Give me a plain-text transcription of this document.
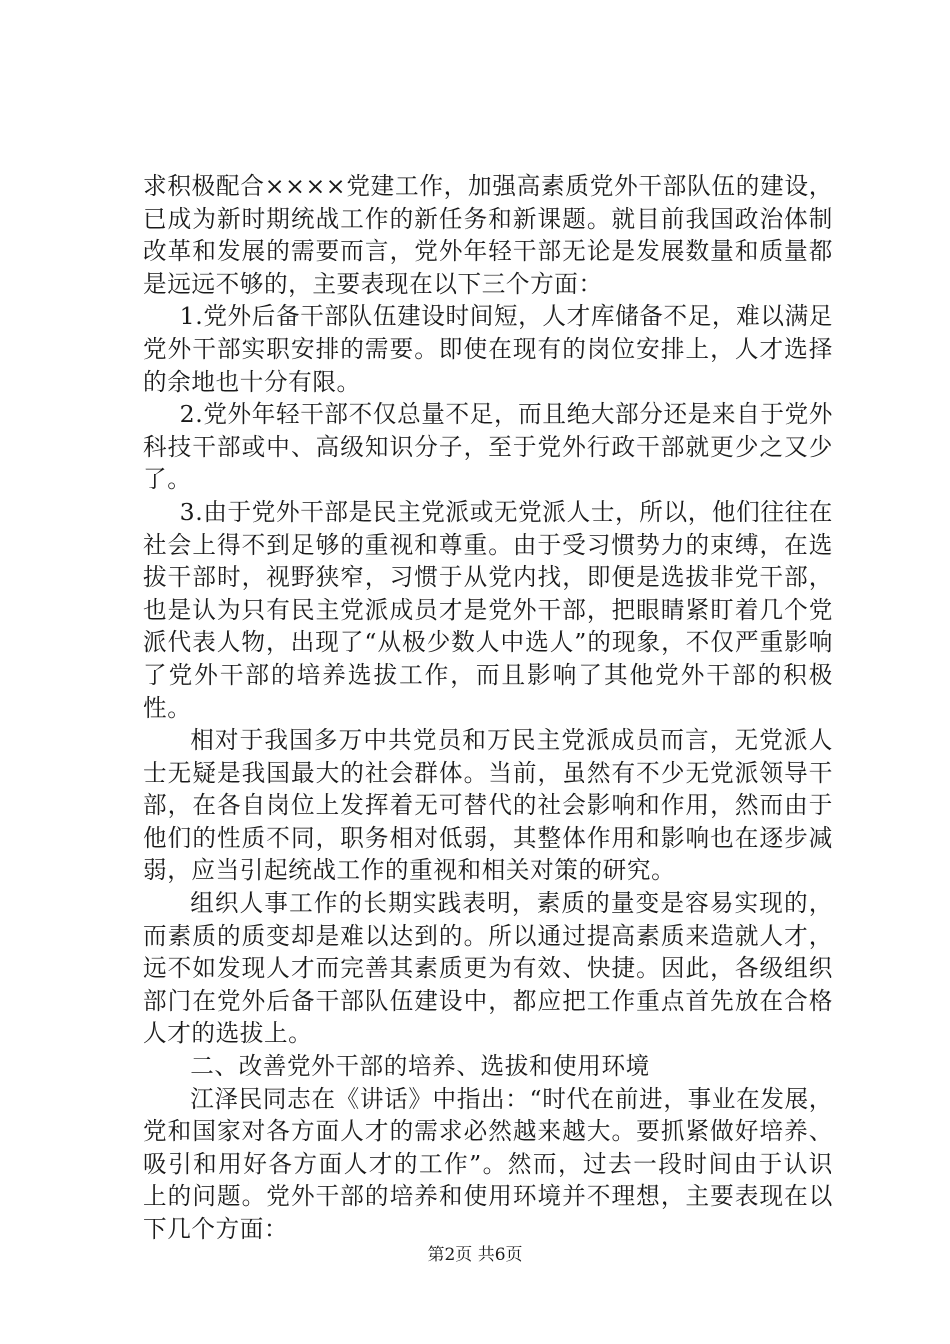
求积极配合××××党建工作，加强高素质党外干部队伍的建设，已成为新时期统战工作的新任务和新课题。就目前我国政治体制改革和发展的需要而言，党外年轻干部无论是发展数量和质量都是远远不够的，主要表现在以下三个方面：

1.党外后备干部队伍建设时间短，人才库储备不足，难以满足党外干部实职安排的需要。即使在现有的岗位安排上，人才选择的余地也十分有限。

2.党外年轻干部不仅总量不足，而且绝大部分还是来自于党外科技干部或中、高级知识分子，至于党外行政干部就更少之又少了。

3.由于党外干部是民主党派或无党派人士，所以，他们往往在社会上得不到足够的重视和尊重。由于受习惯势力的束缚，在选拔干部时，视野狭窄，习惯于从党内找，即便是选拔非党干部，也是认为只有民主党派成员才是党外干部，把眼睛紧盯着几个党派代表人物，出现了“从极少数人中选人”的现象，不仅严重影响了党外干部的培养选拔工作，而且影响了其他党外干部的积极性。

相对于我国多万中共党员和万民主党派成员而言，无党派人士无疑是我国最大的社会群体。当前，虽然有不少无党派领导干部，在各自岗位上发挥着无可替代的社会影响和作用，然而由于他们的性质不同，职务相对低弱，其整体作用和影响也在逐步减弱，应当引起统战工作的重视和相关对策的研究。

组织人事工作的长期实践表明，素质的量变是容易实现的，而素质的质变却是难以达到的。所以通过提高素质来造就人才，远不如发现人才而完善其素质更为有效、快捷。因此，各级组织部门在党外后备干部队伍建设中，都应把工作重点首先放在合格人才的选拔上。

二、改善党外干部的培养、选拔和使用环境

江泽民同志在《讲话》中指出：“时代在前进，事业在发展，党和国家对各方面人才的需求必然越来越大。要抓紧做好培养、吸引和用好各方面人才的工作”。然而，过去一段时间由于认识上的问题。党外干部的培养和使用环境并不理想，主要表现在以下几个方面：

第2页 共6页
